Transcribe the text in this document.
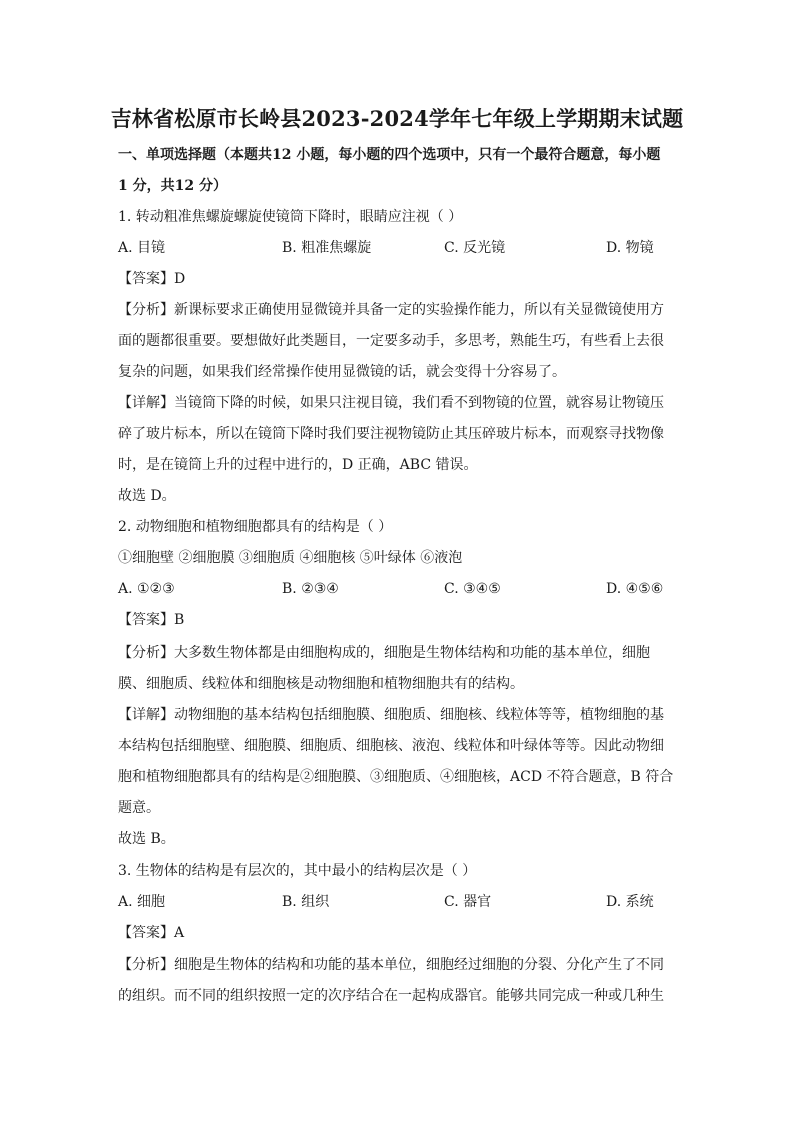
吉林省松原市长岭县2023-2024学年七年级上学期期末试题
一、单项选择题（本题共12 小题，每小题的四个选项中，只有一个最符合题意，每小题
1 分，共12 分）
1. 转动粗准焦螺旋螺旋使镜筒下降时，眼睛应注视（ ）
A. 目镜	B. 粗准焦螺旋	C. 反光镜	D. 物镜
【答案】D
【分析】新课标要求正确使用显微镜并具备一定的实验操作能力，所以有关显微镜使用方
面的题都很重要。要想做好此类题目，一定要多动手，多思考，熟能生巧，有些看上去很
复杂的问题，如果我们经常操作使用显微镜的话，就会变得十分容易了。
【详解】当镜筒下降的时候，如果只注视目镜，我们看不到物镜的位置，就容易让物镜压
碎了玻片标本，所以在镜筒下降时我们要注视物镜防止其压碎玻片标本，而观察寻找物像
时，是在镜筒上升的过程中进行的，D 正确，ABC 错误。
故选 D。
2. 动物细胞和植物细胞都具有的结构是（ ）
①细胞壁 ②细胞膜 ③细胞质 ④细胞核 ⑤叶绿体 ⑥液泡
A. ①②③	B. ②③④	C. ③④⑤	D. ④⑤⑥
【答案】B
【分析】大多数生物体都是由细胞构成的，细胞是生物体结构和功能的基本单位，细胞
膜、细胞质、线粒体和细胞核是动物细胞和植物细胞共有的结构。
【详解】动物细胞的基本结构包括细胞膜、细胞质、细胞核、线粒体等等，植物细胞的基
本结构包括细胞壁、细胞膜、细胞质、细胞核、液泡、线粒体和叶绿体等等。因此动物细
胞和植物细胞都具有的结构是②细胞膜、③细胞质、④细胞核，ACD 不符合题意，B 符合
题意。
故选 B。
3. 生物体的结构是有层次的，其中最小的结构层次是（ ）
A. 细胞	B. 组织	C. 器官	D. 系统
【答案】A
【分析】细胞是生物体的结构和功能的基本单位，细胞经过细胞的分裂、分化产生了不同
的组织。而不同的组织按照一定的次序结合在一起构成器官。能够共同完成一种或几种生
